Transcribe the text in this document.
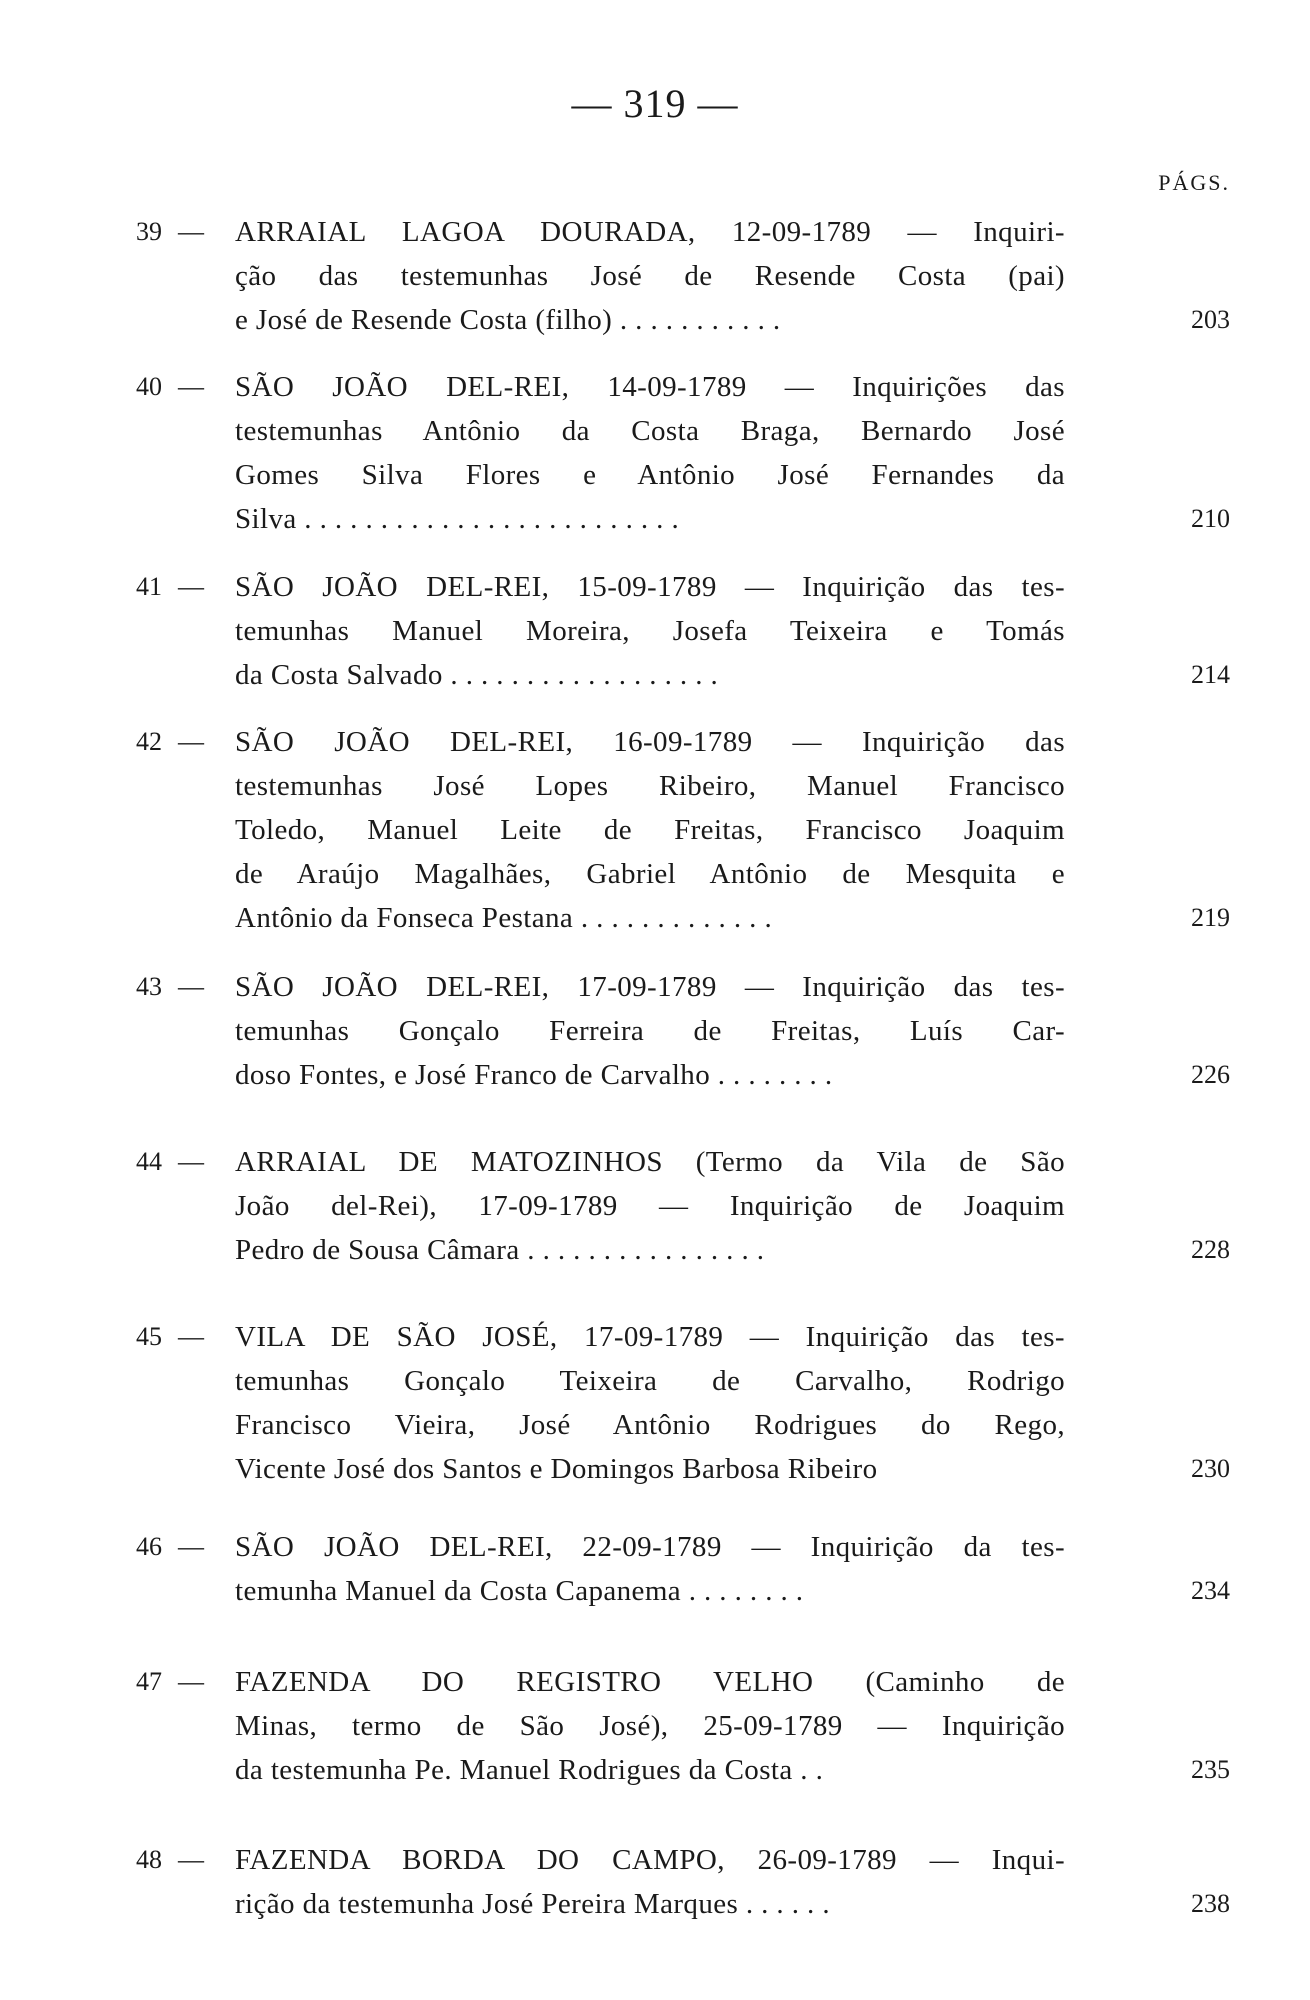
— 319 —
PÁGS.
39 —	ARRAIAL LAGOA DOURADA, 12-09-1789 — Inquiri-
ção das testemunhas José de Resende Costa (pai)
e José de Resende Costa (filho) . . . . . . . . . . .	203
40 —	SÃO JOÃO DEL-REI, 14-09-1789 — Inquirições das
testemunhas Antônio da Costa Braga, Bernardo José
Gomes Silva Flores e Antônio José Fernandes da
Silva . . . . . . . . . . . . . . . . . . . . . . . . .	210
41 —	SÃO JOÃO DEL-REI, 15-09-1789 — Inquirição das tes-
temunhas Manuel Moreira, Josefa Teixeira e Tomás
da Costa Salvado . . . . . . . . . . . . . . . . . .	214
42 —	SÃO JOÃO DEL-REI, 16-09-1789 — Inquirição das
testemunhas José Lopes Ribeiro, Manuel Francisco
Toledo, Manuel Leite de Freitas, Francisco Joaquim
de Araújo Magalhães, Gabriel Antônio de Mesquita e
Antônio da Fonseca Pestana . . . . . . . . . . . . .	219
43 —	SÃO JOÃO DEL-REI, 17-09-1789 — Inquirição das tes-
temunhas Gonçalo Ferreira de Freitas, Luís Car-
doso Fontes, e José Franco de Carvalho . . . . . . . .	226
44 —	ARRAIAL DE MATOZINHOS (Termo da Vila de São
João del-Rei), 17-09-1789 — Inquirição de Joaquim
Pedro de Sousa Câmara . . . . . . . . . . . . . . . .	228
45 —	VILA DE SÃO JOSÉ, 17-09-1789 — Inquirição das tes-
temunhas Gonçalo Teixeira de Carvalho, Rodrigo
Francisco Vieira, José Antônio Rodrigues do Rego,
Vicente José dos Santos e Domingos Barbosa Ribeiro	230
46 —	SÃO JOÃO DEL-REI, 22-09-1789 — Inquirição da tes-
temunha Manuel da Costa Capanema . . . . . . . .	234
47 —	FAZENDA DO REGISTRO VELHO (Caminho de
Minas, termo de São José), 25-09-1789 — Inquirição
da testemunha Pe. Manuel Rodrigues da Costa . .	235
48 —	FAZENDA BORDA DO CAMPO, 26-09-1789 — Inqui-
rição da testemunha José Pereira Marques . . . . . .	238
